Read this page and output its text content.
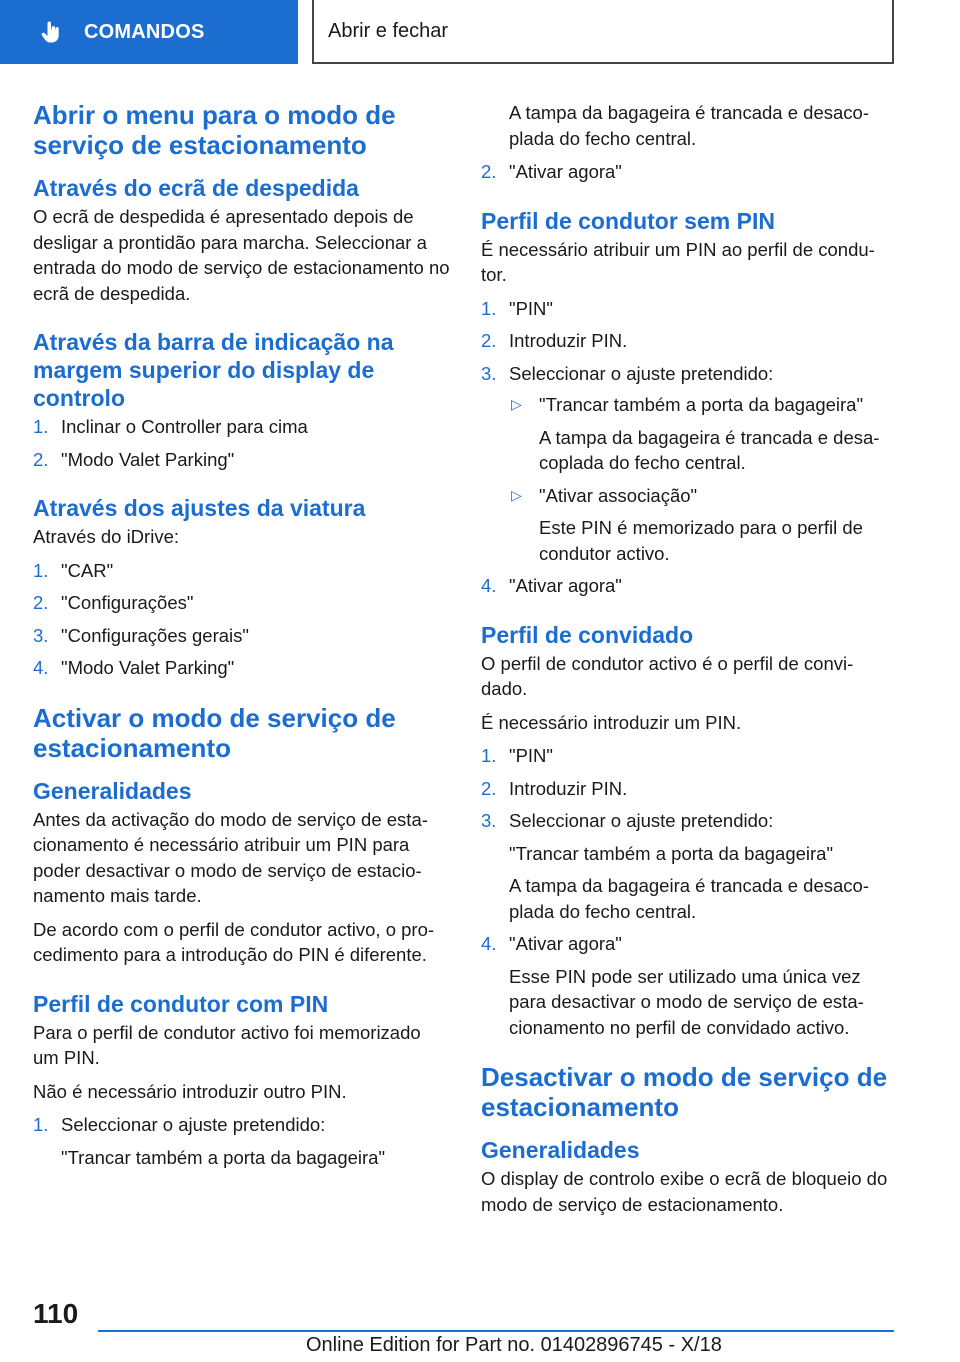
COMANDOS	Abrir e fechar
Abrir o menu para o modo de serviço de estacionamento
Através do ecrã de despedida

O ecrã de despedida é apresentado depois de desligar a prontidão para marcha. Seleccionar a entrada do modo de serviço de estacionamento no ecrã de despedida.

Através da barra de indicação na margem superior do display de controlo
1. Inclinar o Controller para cima
2. "Modo Valet Parking"
Através dos ajustes da viatura

Através do iDrive:

1. "CAR"
2. "Configurações"
3. "Configurações gerais"
4. "Modo Valet Parking"
Activar o modo de serviço de estacionamento
Generalidades

Antes da activação do modo de serviço de esta-cionamento é necessário atribuir um PIN para poder desactivar o modo de serviço de estacio-namento mais tarde.

De acordo com o perfil de condutor activo, o pro-cedimento para a introdução do PIN é diferente.

Perfil de condutor com PIN

Para o perfil de condutor activo foi memorizado um PIN.

Não é necessário introduzir outro PIN.

1. Seleccionar o ajuste pretendido:
"Trancar também a porta da bagageira"

A tampa da bagageira é trancada e desaco-plada do fecho central.

2. "Ativar agora"
Perfil de condutor sem PIN

É necessário atribuir um PIN ao perfil de condu-tor.

1. "PIN"
2. Introduzir PIN.
3. Seleccionar o ajuste pretendido:
▷ "Trancar também a porta da bagageira"
A tampa da bagageira é trancada e desa-coplada do fecho central.
▷ "Ativar associação"
Este PIN é memorizado para o perfil de condutor activo.
4. "Ativar agora"
Perfil de convidado

O perfil de condutor activo é o perfil de convi-dado.

É necessário introduzir um PIN.

1. "PIN"
2. Introduzir PIN.
3. Seleccionar o ajuste pretendido:
"Trancar também a porta da bagageira"
A tampa da bagageira é trancada e desaco-plada do fecho central.
4. "Ativar agora"
Esse PIN pode ser utilizado uma única vez para desactivar o modo de serviço de esta-cionamento no perfil de convidado activo.
Desactivar o modo de serviço de estacionamento
Generalidades

O display de controlo exibe o ecrã de bloqueio do modo de serviço de estacionamento.

110
Online Edition for Part no. 01402896745 - X/18
